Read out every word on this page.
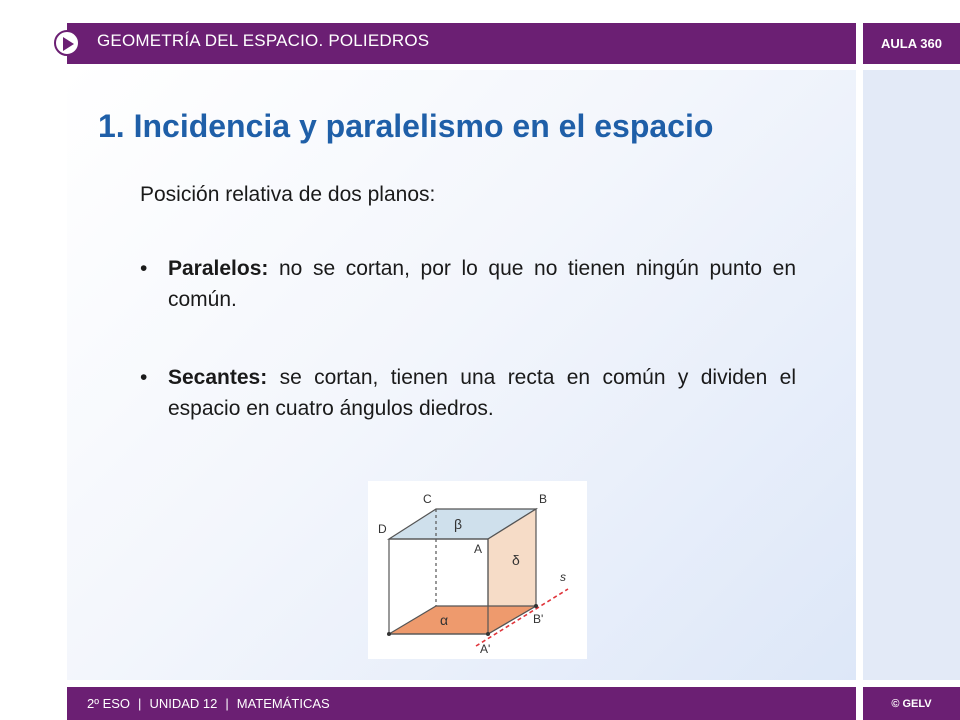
GEOMETRÍA DEL ESPACIO. POLIEDROS	AULA 360
1. Incidencia y paralelismo en el espacio
Posición relativa de dos planos:
• Paralelos: no se cortan, por lo que no tienen ningún punto en común.
• Secantes: se cortan, tienen una recta en común y dividen el espacio en cuatro ángulos diedros.
C	B
D
A
β
δ
α
s
B'
A'
2º ESO | UNIDAD 12 | MATEMÁTICAS	© GELV
